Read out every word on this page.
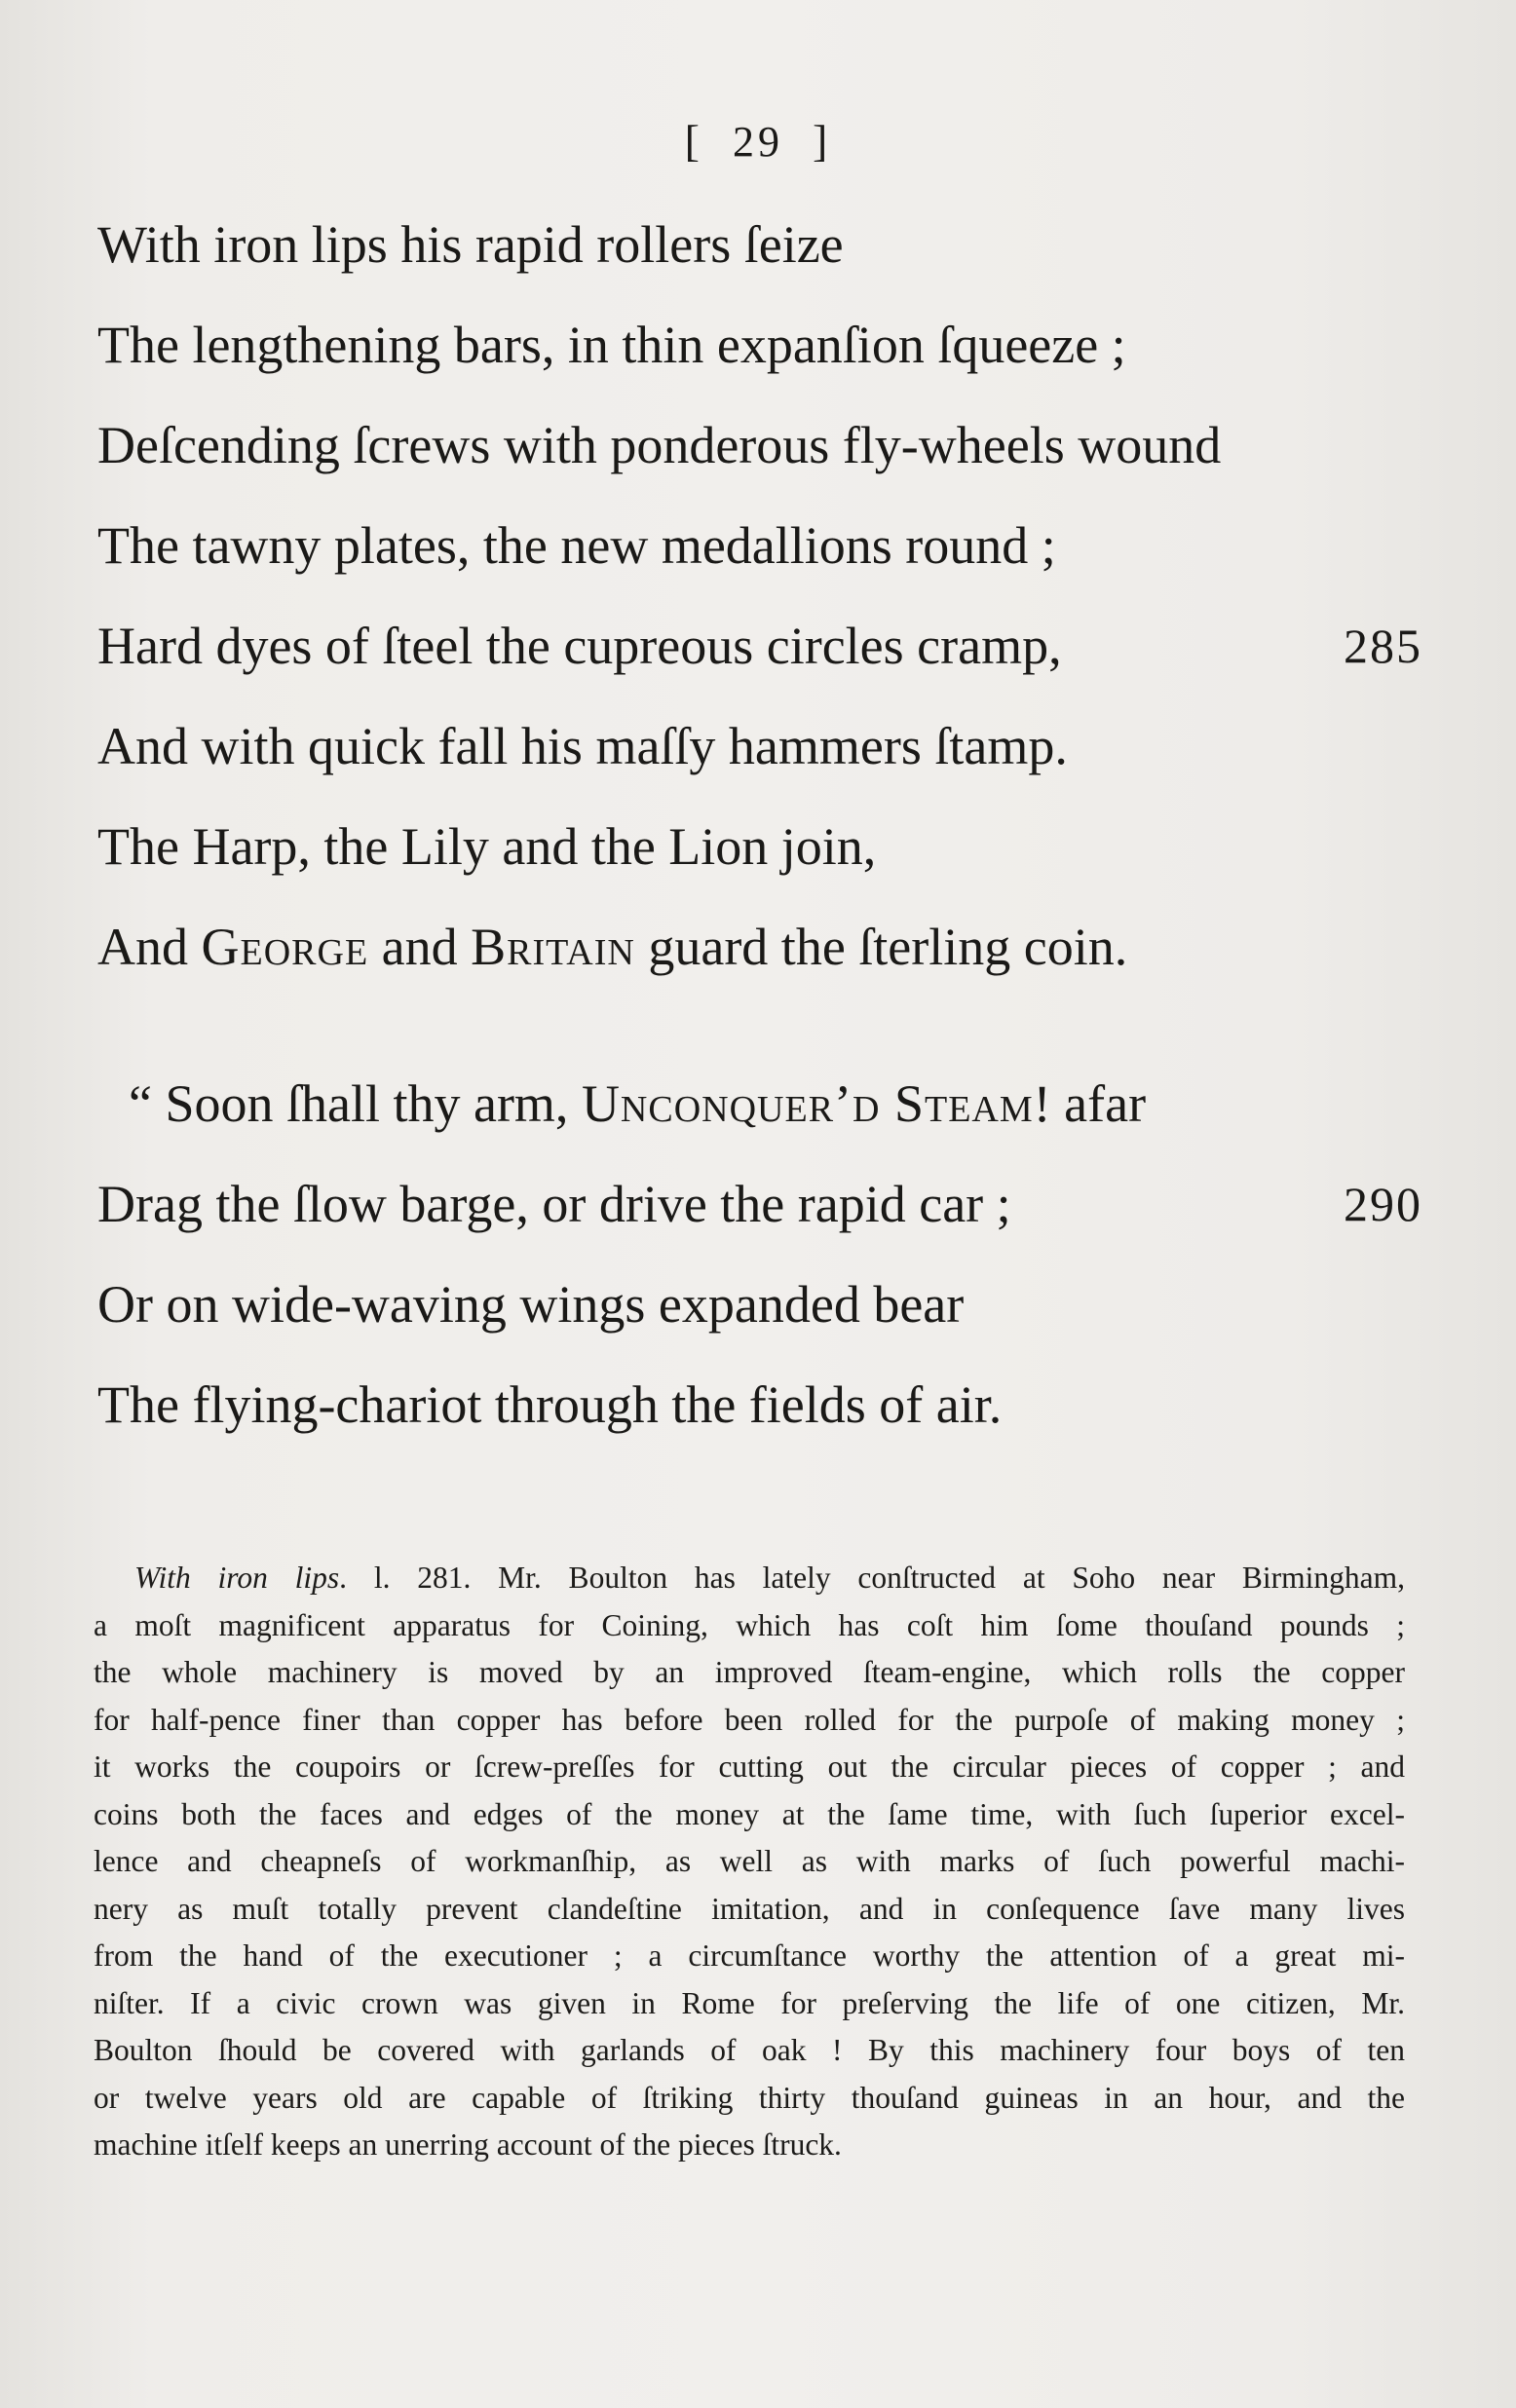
[ 29 ]
With iron lips his rapid rollers ſeize
The lengthening bars, in thin expanſion ſqueeze ;
Deſcending ſcrews with ponderous fly-wheels wound
The tawny plates, the new medallions round ;
Hard dyes of ſteel the cupreous circles cramp,	285
And with quick fall his maſſy hammers ſtamp.
The Harp, the Lily and the Lion join,
And George and Britain guard the ſterling coin.
“ Soon ſhall thy arm, Unconquer’d Steam! afar
Drag the ſlow barge, or drive the rapid car ;	290
Or on wide-waving wings expanded bear
The flying-chariot through the fields of air.
With iron lips. l. 281. Mr. Boulton has lately conſtructed at Soho near Birmingham,
a moſt magnificent apparatus for Coining, which has coſt him ſome thouſand pounds ;
the whole machinery is moved by an improved ſteam-engine, which rolls the copper
for half-pence finer than copper has before been rolled for the purpoſe of making money ;
it works the coupoirs or ſcrew-preſſes for cutting out the circular pieces of copper ; and
coins both the faces and edges of the money at the ſame time, with ſuch ſuperior excel-
lence and cheapneſs of workmanſhip, as well as with marks of ſuch powerful machi-
nery as muſt totally prevent clandeſtine imitation, and in conſequence ſave many lives
from the hand of the executioner ; a circumſtance worthy the attention of a great mi-
niſter. If a civic crown was given in Rome for preſerving the life of one citizen, Mr.
Boulton ſhould be covered with garlands of oak ! By this machinery four boys of ten
or twelve years old are capable of ſtriking thirty thouſand guineas in an hour, and the
machine itſelf keeps an unerring account of the pieces ſtruck.
